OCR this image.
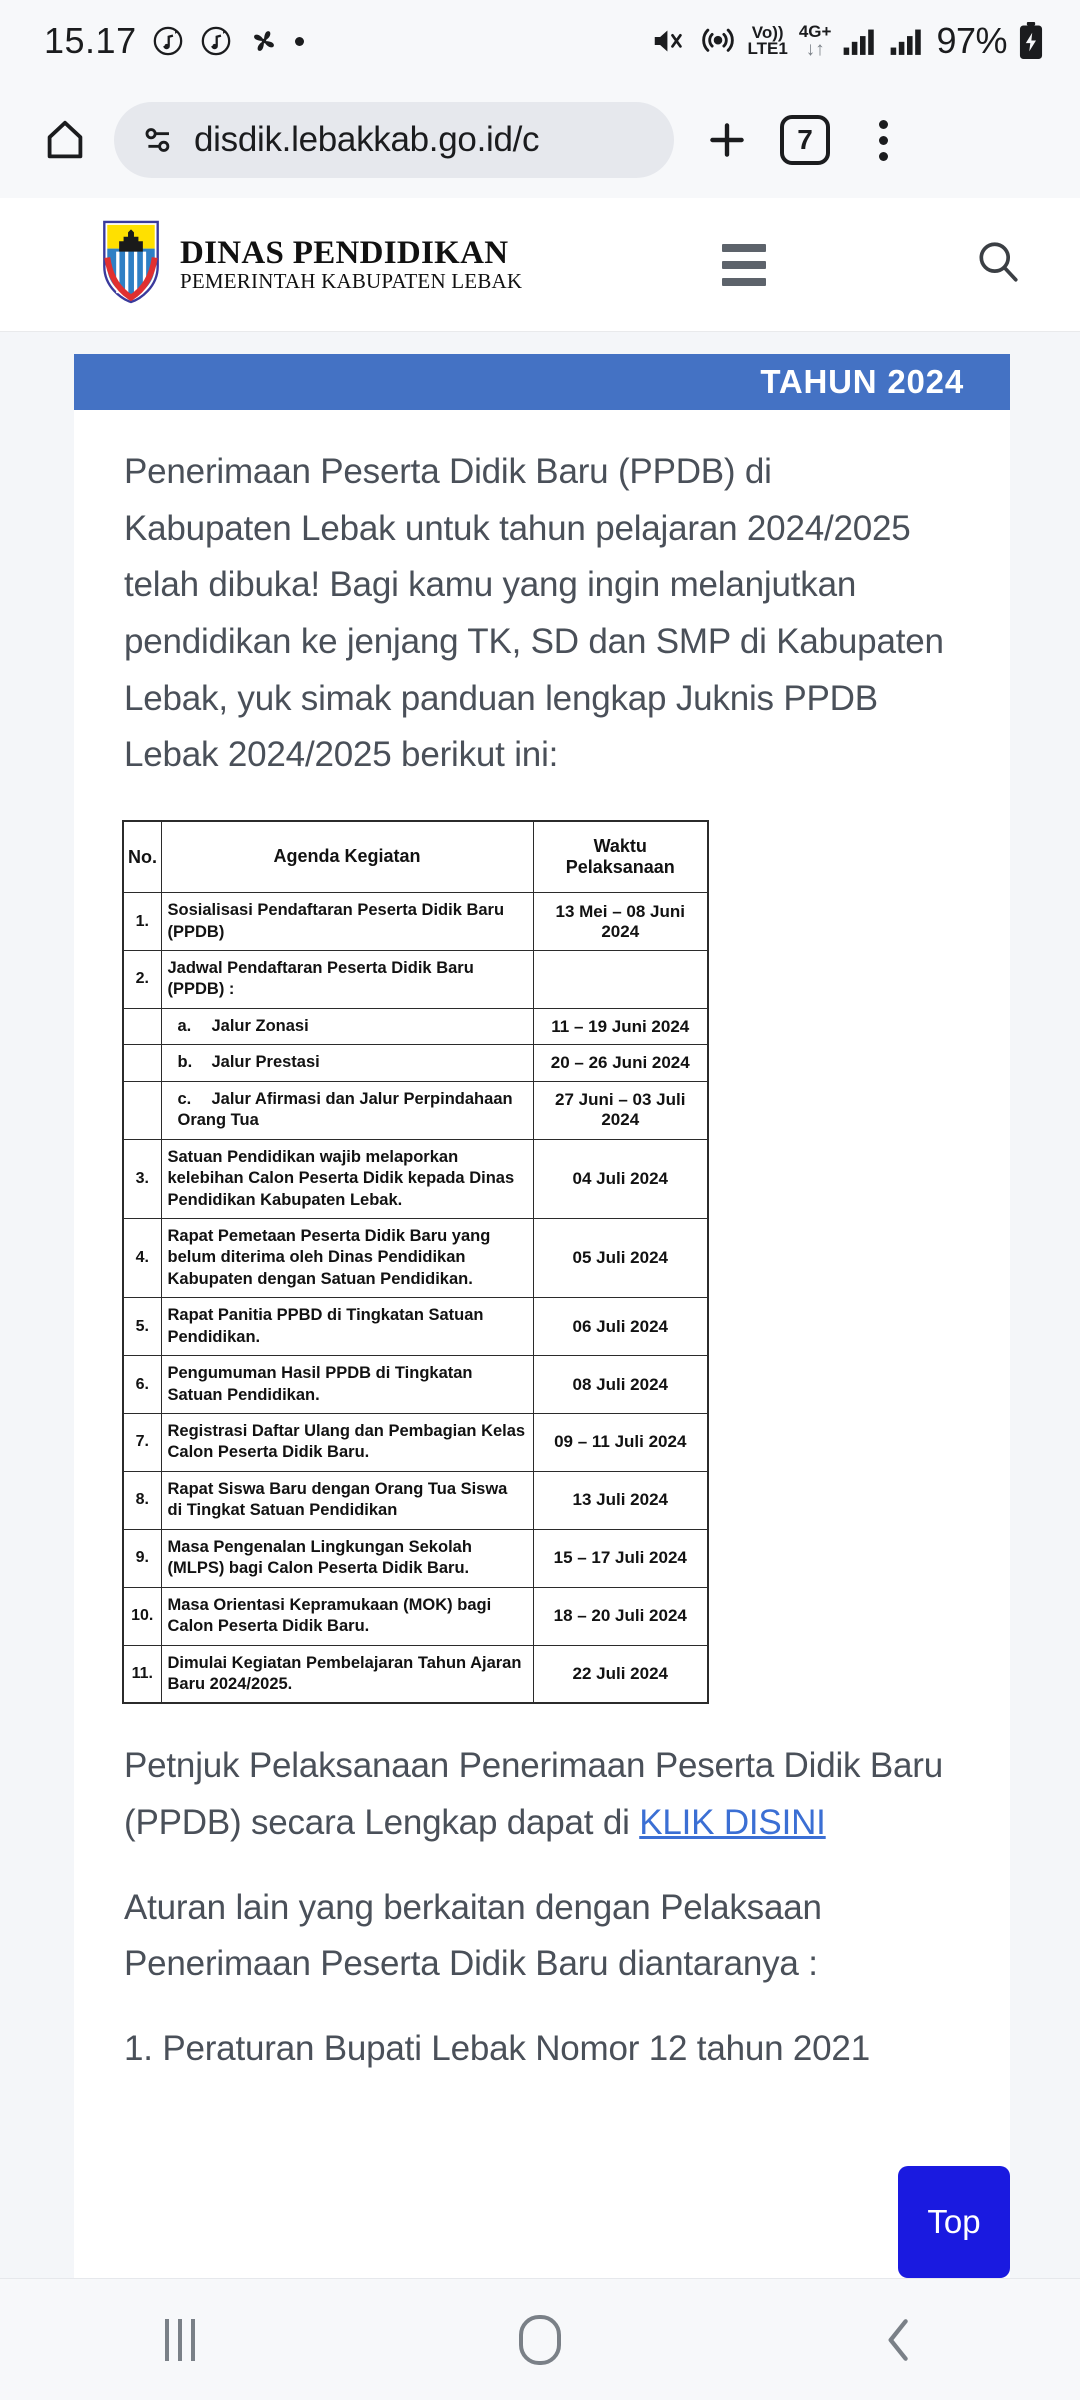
15.17	Vo))
LTE1
4G+
↓↑	97%
disdik.lebakkab.go.id/c	7
DINAS PENDIDIKAN
PEMERINTAH KABUPATEN LEBAK
TAHUN 2024

Penerimaan Peserta Didik Baru (PPDB) di Kabupaten Lebak untuk tahun pelajaran 2024/2025 telah dibuka! Bagi kamu yang ingin melanjutkan pendidikan ke jenjang TK, SD dan SMP di Kabupaten Lebak, yuk simak panduan lengkap Juknis PPDB Lebak 2024/2025 berikut ini:

No.	Agenda Kegiatan	Waktu Pelaksanaan
1.	Sosialisasi Pendaftaran Peserta Didik Baru (PPDB)	13 Mei – 08 Juni 2024
2.	Jadwal Pendaftaran Peserta Didik Baru (PPDB) :	
	a. Jalur Zonasi	11 – 19 Juni 2024
	b. Jalur Prestasi	20 – 26 Juni 2024
	c. Jalur Afirmasi dan Jalur Perpindahaan Orang Tua	27 Juni – 03 Juli 2024
3.	Satuan Pendidikan wajib melaporkan kelebihan Calon Peserta Didik kepada Dinas Pendidikan Kabupaten Lebak.	04 Juli 2024
4.	Rapat Pemetaan Peserta Didik Baru yang belum diterima oleh Dinas Pendidikan Kabupaten dengan Satuan Pendidikan.	05 Juli 2024
5.	Rapat Panitia PPBD di Tingkatan Satuan Pendidikan.	06 Juli 2024
6.	Pengumuman Hasil PPDB di Tingkatan Satuan Pendidikan.	08 Juli 2024
7.	Registrasi Daftar Ulang dan Pembagian Kelas Calon Peserta Didik Baru.	09 – 11 Juli 2024
8.	Rapat Siswa Baru dengan Orang Tua Siswa di Tingkat Satuan Pendidikan	13 Juli 2024
9.	Masa Pengenalan Lingkungan Sekolah (MLPS) bagi Calon Peserta Didik Baru.	15 – 17 Juli 2024
10.	Masa Orientasi Kepramukaan (MOK) bagi Calon Peserta Didik Baru.	18 – 20 Juli 2024
11.	Dimulai Kegiatan Pembelajaran Tahun Ajaran Baru 2024/2025.	22 Juli 2024

Petnjuk Pelaksanaan Penerimaan Peserta Didik Baru (PPDB) secara Lengkap dapat di KLIK DISINI

Aturan lain yang berkaitan dengan Pelaksaan Penerimaan Peserta Didik Baru diantaranya :

1. Peraturan Bupati Lebak Nomor 12 tahun 2021

Top
